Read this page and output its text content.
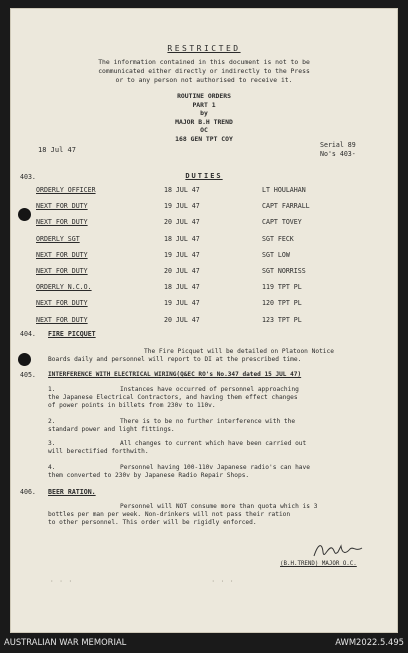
RESTRICTED
The information contained in this document is not to be
communicated either directly or indirectly to the Press
or to any person not authorised to receive it.
ROUTINE ORDERS
PART 1
by
MAJOR B.H TREND
OC
168 GEN TPT COY
18 Jul 47
Serial 89
No's 403-
403.	DUTIES
ORDERLY OFFICER	18 JUL 47	LT HOULAHAN
NEXT FOR DUTY	19 JUL 47	CAPT FARRALL
NEXT FOR DUTY	20 JUL 47	CAPT TOVEY
ORDERLY SGT	18 JUL 47	SGT FECK
NEXT FOR DUTY	19 JUL 47	SGT LOW
NEXT FOR DUTY	20 JUL 47	SGT NORRISS
ORDERLY N.C.O.	18 JUL 47	119 TPT PL
NEXT FOR DUTY	19 JUL 47	120 TPT PL
NEXT FOR DUTY	20 JUL 47	123 TPT PL
404. FIRE PICQUET
The Fire Picquet will be detailed on Platoon Notice
Boards daily and personnel will report to DI at the prescribed time.
405. INTERFERENCE WITH ELECTRICAL WIRING(Q&EC RO's No.347 dated 15 JUL 47)
1.	Instances have occurred of personnel approaching
the Japanese Electrical Contractors, and having them effect changes
of power points in billets from 230v to 110v.
2.
standard power and light fittings.
There is to be no further interference with the
3.
will berectified forthwith.
All changes to current which have been carried out
4.
them converted to 230v by Japanese Radio Repair Shops.
Personnel having 100-110v Japanese radio's can have
406. BEER RATION.
Personnel will NOT consume more than quota which is 3
bottles per man per week. Non-drinkers will not pass their ration
to other personnel. This order will be rigidly enforced.
(B.H.TREND) MAJOR O.C.
· · ·                              · · ·
AUSTRALIAN WAR MEMORIAL	AWM2022.5.495
